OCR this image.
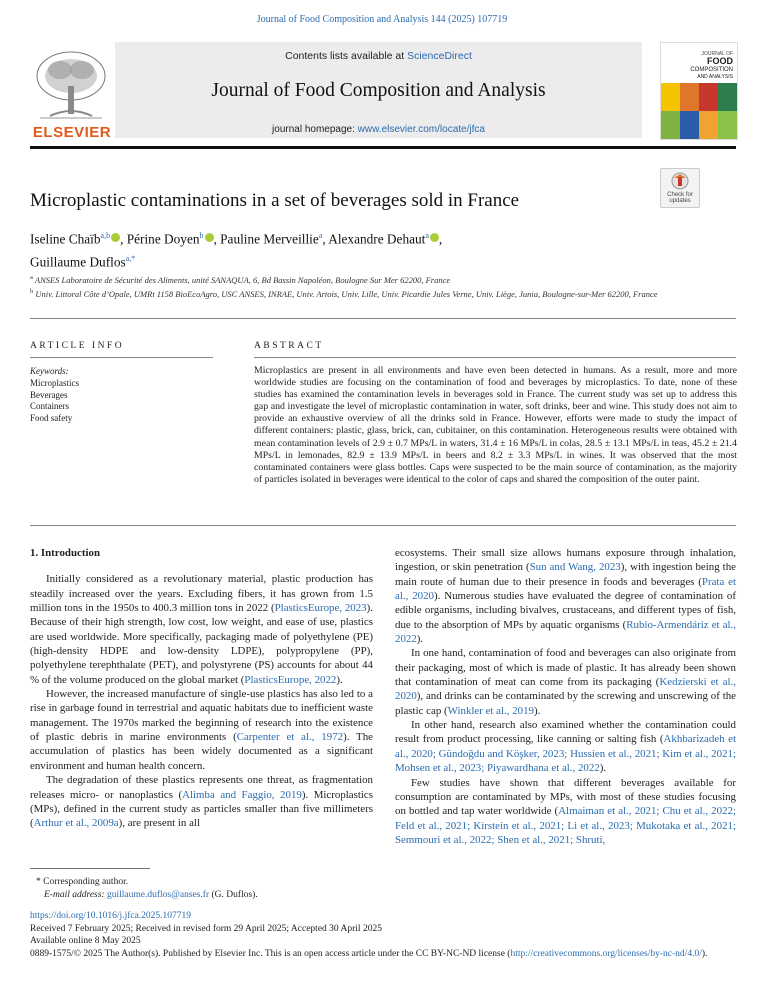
Journal of Food Composition and Analysis 144 (2025) 107719
Contents lists available at ScienceDirect
Journal of Food Composition and Analysis
journal homepage: www.elsevier.com/locate/jfca
ELSEVIER
JOURNAL OF
FOOD
COMPOSITION
AND ANALYSIS
Microplastic contaminations in a set of beverages sold in France	Check for
updates
Iseline Chaïb$^{a,b}$ , Périne Doyen$^b$ , Pauline Merveillie$^a$, Alexandre Dehaut$^a$ ,
Guillaume Duflos$^{a,*}$
$^a$ ANSES Laboratoire de Sécurité des Aliments, unité SANAQUA, 6, Bd Bassin Napoléon, Boulogne Sur Mer 62200, France
$^b$ Univ. Littoral Côte d’Opale, UMRt 1158 BioEcoAgro, USC ANSES, INRAE, Univ. Artois, Univ. Lille, Univ. Picardie Jules Verne, Univ. Liège, Junia, Boulogne-sur-Mer 62200, France
ARTICLE INFO	ABSTRACT
Keywords:
Microplastics
Beverages
Containers
Food safety
Microplastics are present in all environments and have even been detected in humans. As a result, more and more worldwide studies are focusing on the contamination of food and beverages by microplastics. To date, none of these studies has examined the contamination levels in beverages sold in France. The current study was set up to address this gap and investigate the level of microplastic contamination in water, soft drinks, beer and wine. This study does not aim to provide an exhaustive overview of all the drinks sold in France. However, efforts were made to study the impact of different containers: plastic, glass, brick, can, cubitainer, on this contamination. Heterogeneous results were obtained with mean contamination levels of 2.9 ± 0.7 MPs/L in waters, 31.4 ± 16 MPs/L in colas, 28.5 ± 13.1 MPs/L in teas, 45.2 ± 21.4 MPs/L in lemonades, 82.9 ± 13.9 MPs/L in beers and 8.2 ± 3.3 MPs/L in wines. It was observed that the most contaminated containers were glass bottles. Caps were suspected to be the main source of contamination, as the majority of particles isolated in beverages were identical to the color of caps and shared the composition of the outer paint.

1. Introduction

Initially considered as a revolutionary material, plastic production has steadily increased over the years. Excluding fibers, it has grown from 1.5 million tons in the 1950s to 400.3 million tons in 2022 (PlasticsEurope, 2023). Because of their high strength, low cost, low weight, and ease of use, plastics are used worldwide. More specifically, packaging made of polyethylene (PE) (high-density HDPE and low-density LDPE), polypropylene (PP), polyethylene terephthalate (PET), and polystyrene (PS) accounts for about 44 % of the volume produced on the global market (PlasticsEurope, 2022).

However, the increased manufacture of single-use plastics has also led to a rise in garbage found in terrestrial and aquatic habitats due to inefficient waste management. The 1970s marked the beginning of research into the existence of plastic debris in marine environments (Carpenter et al., 1972). The accumulation of plastics has been widely documented as a significant environment and human health concern.

The degradation of these plastics represents one threat, as fragmentation releases micro- or nanoplastics (Alimba and Faggio, 2019). Microplastics (MPs), defined in the current study as particles smaller than five millimeters (Arthur et al., 2009a), are present in all

ecosystems. Their small size allows humans exposure through inhalation, ingestion, or skin penetration (Sun and Wang, 2023), with ingestion being the main route of human due to their presence in foods and beverages (Prata et al., 2020). Numerous studies have evaluated the degree of contamination of edible organisms, including bivalves, crustaceans, and different types of fish, due to the absorption of MPs by aquatic organisms (Rubio-Armendáriz et al., 2022).

In one hand, contamination of food and beverages can also originate from their packaging, most of which is made of plastic. It has already been shown that contamination of meat can come from its packaging (Kedzierski et al., 2020), and drinks can be contaminated by the screwing and unscrewing of the plastic cap (Winkler et al., 2019).

In other hand, research also examined whether the contamination could result from product processing, like canning or salting fish (Akhbarizadeh et al., 2020; Gündoğdu and Köşker, 2023; Hussien et al., 2021; Kim et al., 2021; Mohsen et al., 2023; Piyawardhana et al., 2022).

Few studies have shown that different beverages available for consumption are contaminated by MPs, with most of these studies focusing on bottled and tap water worldwide (Almaiman et al., 2021; Chu et al., 2022; Feld et al., 2021; Kirstein et al., 2021; Li et al., 2023; Mukotaka et al., 2021; Semmouri et al., 2022; Shen et al., 2021; Shruti,

* Corresponding author.
E-mail address: guillaume.duflos@anses.fr (G. Duflos).
https://doi.org/10.1016/j.jfca.2025.107719
Received 7 February 2025; Received in revised form 29 April 2025; Accepted 30 April 2025
Available online 8 May 2025
0889-1575/© 2025 The Author(s). Published by Elsevier Inc. This is an open access article under the CC BY-NC-ND license (http://creativecommons.org/licenses/by-nc-nd/4.0/).
